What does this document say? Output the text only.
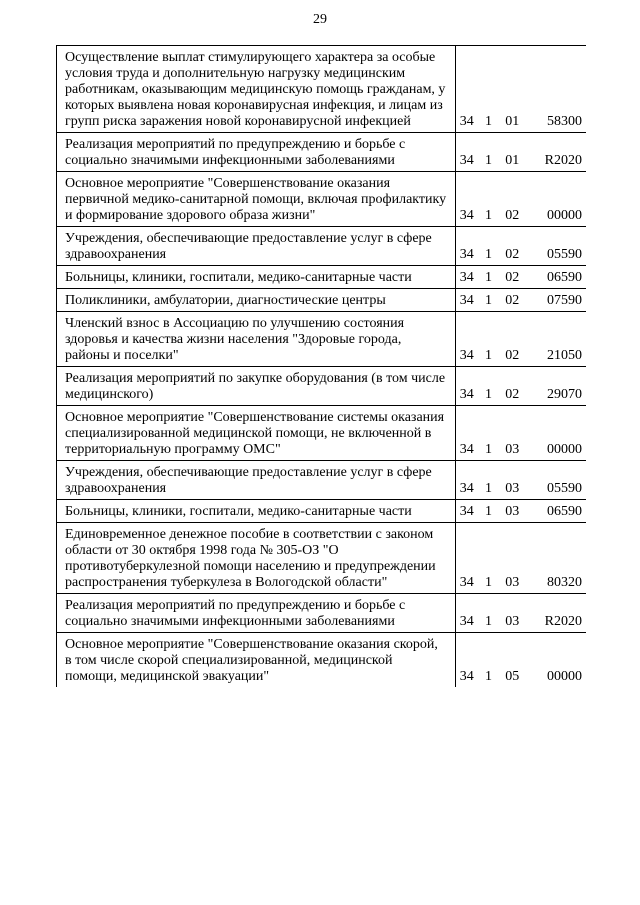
29
Осуществление выплат стимулирующего характера за особые условия труда и дополнительную нагрузку медицинским работникам, оказывающим медицинскую помощь гражданам, у которых выявлена новая коронавирусная инфекция, и лицам из групп риска заражения новой коронавирусной инфекцией	34	1	01	58300
Реализация мероприятий по предупреждению и борьбе с социально значимыми инфекционными заболеваниями	34	1	01	R2020
Основное мероприятие "Совершенствование оказания первичной медико-санитарной помощи, включая профилактику и формирование здорового образа жизни"	34	1	02	00000
Учреждения, обеспечивающие предоставление услуг в сфере здравоохранения	34	1	02	05590
Больницы, клиники, госпитали, медико-санитарные части	34	1	02	06590
Поликлиники, амбулатории, диагностические центры	34	1	02	07590
Членский взнос в Ассоциацию по улучшению состояния здоровья и качества жизни населения "Здоровые города, районы и поселки"	34	1	02	21050
Реализация мероприятий по закупке оборудования (в том числе медицинского)	34	1	02	29070
Основное мероприятие "Совершенствование системы оказания специализированной медицинской помощи, не включенной в территориальную программу ОМС"	34	1	03	00000
Учреждения, обеспечивающие предоставление услуг в сфере здравоохранения	34	1	03	05590
Больницы, клиники, госпитали, медико-санитарные части	34	1	03	06590
Единовременное денежное пособие в соответствии с законом области от 30 октября 1998 года № 305-ОЗ "О противотуберкулезной помощи населению и предупреждении распространения туберкулеза в Вологодской области"	34	1	03	80320
Реализация мероприятий по предупреждению и борьбе с социально значимыми инфекционными заболеваниями	34	1	03	R2020
Основное мероприятие "Совершенствование оказания скорой, в том числе скорой специализированной, медицинской помощи, медицинской эвакуации"	34	1	05	00000
